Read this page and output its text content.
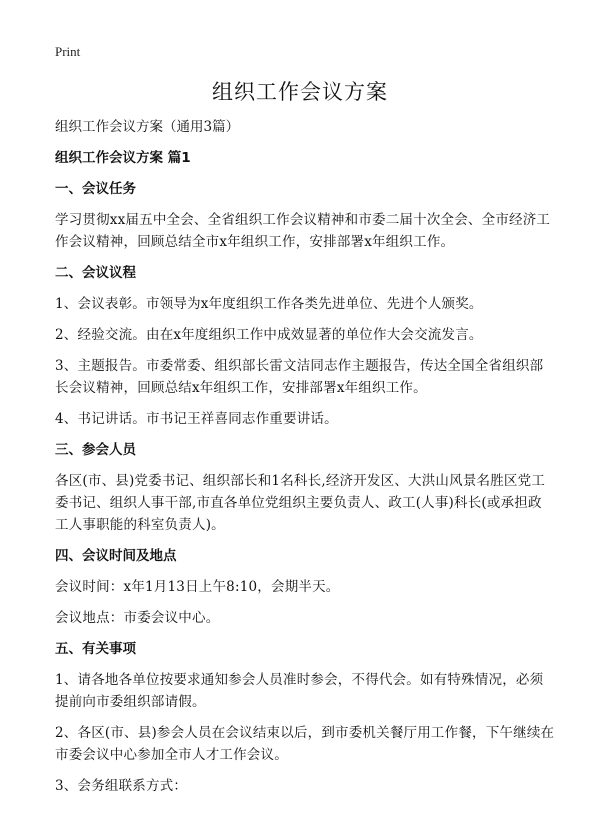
Print
组织工作会议方案

组织工作会议方案（通用3篇）

组织工作会议方案 篇1

一、会议任务

学习贯彻xx届五中全会、全省组织工作会议精神和市委二届十次全会、全市经济工作会议精神，回顾总结全市x年组织工作，安排部署x年组织工作。

二、会议议程

1、会议表彰。市领导为x年度组织工作各类先进单位、先进个人颁奖。

2、经验交流。由在x年度组织工作中成效显著的单位作大会交流发言。

3、主题报告。市委常委、组织部长雷文洁同志作主题报告，传达全国全省组织部长会议精神，回顾总结x年组织工作，安排部署x年组织工作。

4、书记讲话。市书记王祥喜同志作重要讲话。

三、参会人员

各区(市、县)党委书记、组织部长和1名科长,经济开发区、大洪山风景名胜区党工委书记、组织人事干部,市直各单位党组织主要负责人、政工(人事)科长(或承担政工人事职能的科室负责人)。

四、会议时间及地点

会议时间：x年1月13日上午8:10，会期半天。

会议地点：市委会议中心。

五、有关事项

1、请各地各单位按要求通知参会人员准时参会，不得代会。如有特殊情况，必须提前向市委组织部请假。

2、各区(市、县)参会人员在会议结束以后，到市委机关餐厅用工作餐，下午继续在市委会议中心参加全市人才工作会议。

3、会务组联系方式：
